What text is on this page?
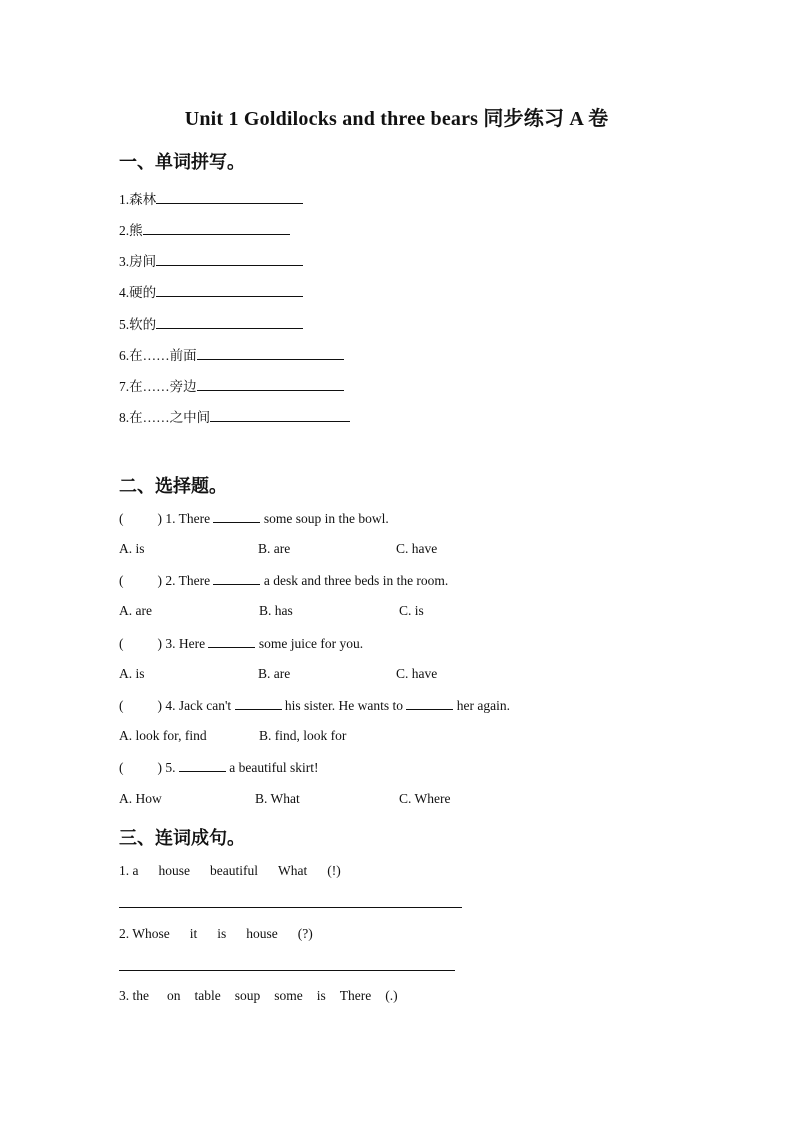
Unit 1 Goldilocks and three bears 同步练习 A 卷
一、单词拼写。
1.森林
2.熊
3.房间
4.硬的
5.软的
6.在……前面
7.在……旁边
8.在……之中间
二、选择题。
(	) 1. There	some soup in the bowl.
A. is	B. are	C. have
(	) 2. There	a desk and three beds in the room.
A. are	B. has	C. is
(	) 3. Here	some juice for you.
A. is	B. are	C. have
(	) 4. Jack can't	his sister. He wants to	her again.
A. look for, find	B. find, look for
(	) 5.	a beautiful skirt!
A. How	B. What	C. Where
三、连词成句。
1. a house beautiful What (!)
2. Whose it is house (?)
3. the on table soup some is There (.)
